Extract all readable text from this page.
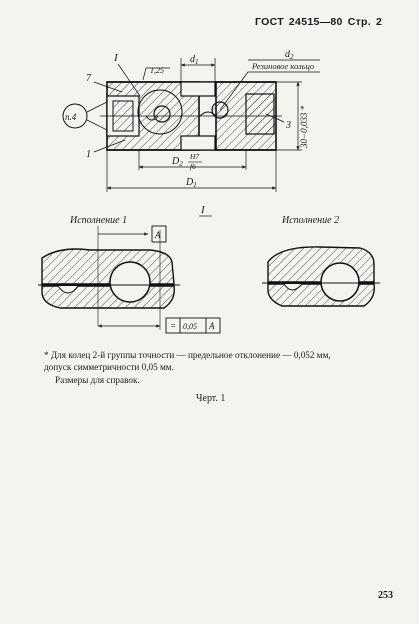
ГОСТ 24515—80 Стр. 2
$d_1$
$d_2$
Резиновое кольцо
1,25
I
7
п.4
1
3 30−0,033 *
$D_2$
H7
f6
$D_1$
I
Исполнение 1	Исполнение 2
A
= 0,05 A
* Для колец 2-й группы точности — предельное отклонение — 0,052 мм,
допуск симметричности 0,05 мм.
Размеры для справок.
Черт. 1
253
